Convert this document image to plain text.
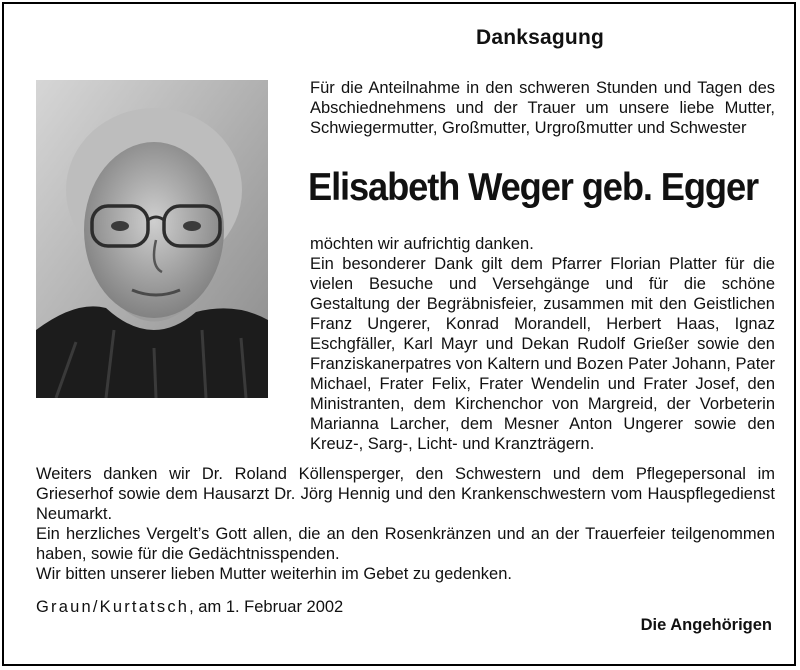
Danksagung
Für die Anteilnahme in den schweren Stunden und Tagen des Abschiednehmens und der Trauer um unsere liebe Mutter, Schwiegermutter, Großmutter, Urgroßmutter und Schwester
Elisabeth Weger geb. Egger

möchten wir aufrichtig danken.

Ein besonderer Dank gilt dem Pfarrer Florian Platter für die vielen Besuche und Versehgänge und für die schöne Gestaltung der Begräbnisfeier, zusammen mit den Geistlichen Franz Ungerer, Konrad Morandell, Herbert Haas, Ignaz Eschgfäller, Karl Mayr und Dekan Rudolf Grießer sowie den Franziskanerpatres von Kaltern und Bozen Pater Johann, Pater Michael, Frater Felix, Frater Wendelin und Frater Josef, den Ministranten, dem Kirchenchor von Margreid, der Vorbeterin Marianna Larcher, dem Mesner Anton Ungerer sowie den Kreuz-, Sarg-, Licht- und Kranzträgern.

Weiters danken wir Dr. Roland Köllensperger, den Schwestern und dem Pflegepersonal im Grieserhof sowie dem Hausarzt Dr. Jörg Hennig und den Krankenschwestern vom Hauspflegedienst Neumarkt.

Ein herzliches Vergelt’s Gott allen, die an den Rosenkränzen und an der Trauerfeier teilgenommen haben, sowie für die Gedächtnisspenden.

Wir bitten unserer lieben Mutter weiterhin im Gebet zu gedenken.

Graun/Kurtatsch, am 1. Februar 2002
Die Angehörigen
